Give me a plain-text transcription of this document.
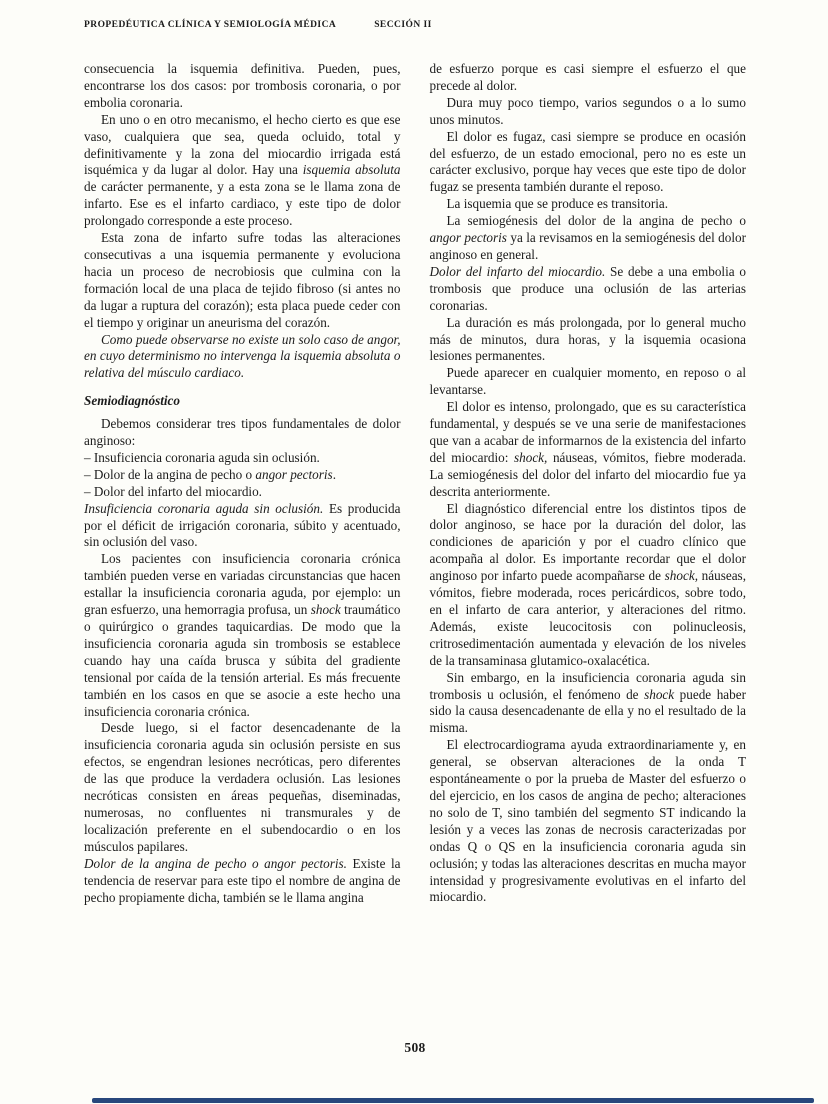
PROPEDÉUTICA CLÍNICA Y SEMIOLOGÍA MÉDICA	SECCIÓN II

consecuencia la isquemia definitiva. Pueden, pues, encontrarse los dos casos: por trombosis coronaria, o por embolia coronaria.

En uno o en otro mecanismo, el hecho cierto es que ese vaso, cualquiera que sea, queda ocluido, total y definitivamente y la zona del miocardio irrigada está isquémica y da lugar al dolor. Hay una isquemia absoluta de carácter permanente, y a esta zona se le llama zona de infarto. Ese es el infarto cardiaco, y este tipo de dolor prolongado corresponde a este proceso.

Esta zona de infarto sufre todas las alteraciones consecutivas a una isquemia permanente y evoluciona hacia un proceso de necrobiosis que culmina con la formación local de una placa de tejido fibroso (si antes no da lugar a ruptura del corazón); esta placa puede ceder con el tiempo y originar un aneurisma del corazón.

Como puede observarse no existe un solo caso de angor, en cuyo determinismo no intervenga la isquemia absoluta o relativa del músculo cardiaco.

Semiodiagnóstico

Debemos considerar tres tipos fundamentales de dolor anginoso:

– Insuficiencia coronaria aguda sin oclusión.

– Dolor de la angina de pecho o angor pectoris.

– Dolor del infarto del miocardio.

Insuficiencia coronaria aguda sin oclusión. Es producida por el déficit de irrigación coronaria, súbito y acentuado, sin oclusión del vaso.

Los pacientes con insuficiencia coronaria crónica también pueden verse en variadas circunstancias que hacen estallar la insuficiencia coronaria aguda, por ejemplo: un gran esfuerzo, una hemorragia profusa, un shock traumático o quirúrgico o grandes taquicardias. De modo que la insuficiencia coronaria aguda sin trombosis se establece cuando hay una caída brusca y súbita del gradiente tensional por caída de la tensión arterial. Es más frecuente también en los casos en que se asocie a este hecho una insuficiencia coronaria crónica.

Desde luego, si el factor desencadenante de la insuficiencia coronaria aguda sin oclusión persiste en sus efectos, se engendran lesiones necróticas, pero diferentes de las que produce la verdadera oclusión. Las lesiones necróticas consisten en áreas pequeñas, diseminadas, numerosas, no confluentes ni transmurales y de localización preferente en el subendocardio o en los músculos papilares.

Dolor de la angina de pecho o angor pectoris. Existe la tendencia de reservar para este tipo el nombre de angina de pecho propiamente dicha, también se le llama angina

de esfuerzo porque es casi siempre el esfuerzo el que precede al dolor.

Dura muy poco tiempo, varios segundos o a lo sumo unos minutos.

El dolor es fugaz, casi siempre se produce en ocasión del esfuerzo, de un estado emocional, pero no es este un carácter exclusivo, porque hay veces que este tipo de dolor fugaz se presenta también durante el reposo.

La isquemia que se produce es transitoria.

La semiogénesis del dolor de la angina de pecho o angor pectoris ya la revisamos en la semiogénesis del dolor anginoso en general.

Dolor del infarto del miocardio. Se debe a una embolia o trombosis que produce una oclusión de las arterias coronarias.

La duración es más prolongada, por lo general mucho más de minutos, dura horas, y la isquemia ocasiona lesiones permanentes.

Puede aparecer en cualquier momento, en reposo o al levantarse.

El dolor es intenso, prolongado, que es su característica fundamental, y después se ve una serie de manifestaciones que van a acabar de informarnos de la existencia del infarto del miocardio: shock, náuseas, vómitos, fiebre moderada. La semiogénesis del dolor del infarto del miocardio fue ya descrita anteriormente.

El diagnóstico diferencial entre los distintos tipos de dolor anginoso, se hace por la duración del dolor, las condiciones de aparición y por el cuadro clínico que acompaña al dolor. Es importante recordar que el dolor anginoso por infarto puede acompañarse de shock, náuseas, vómitos, fiebre moderada, roces pericárdicos, sobre todo, en el infarto de cara anterior, y alteraciones del ritmo. Además, existe leucocitosis con polinucleosis, critrosedimentación aumentada y elevación de los niveles de la transaminasa glutamico-oxalacética.

Sin embargo, en la insuficiencia coronaria aguda sin trombosis u oclusión, el fenómeno de shock puede haber sido la causa desencadenante de ella y no el resultado de la misma.

El electrocardiograma ayuda extraordinariamente y, en general, se observan alteraciones de la onda T espontáneamente o por la prueba de Master del esfuerzo o del ejercicio, en los casos de angina de pecho; alteraciones no solo de T, sino también del segmento ST indicando la lesión y a veces las zonas de necrosis caracterizadas por ondas Q o QS en la insuficiencia coronaria aguda sin oclusión; y todas las alteraciones descritas en mucha mayor intensidad y progresivamente evolutivas en el infarto del miocardio.

508
